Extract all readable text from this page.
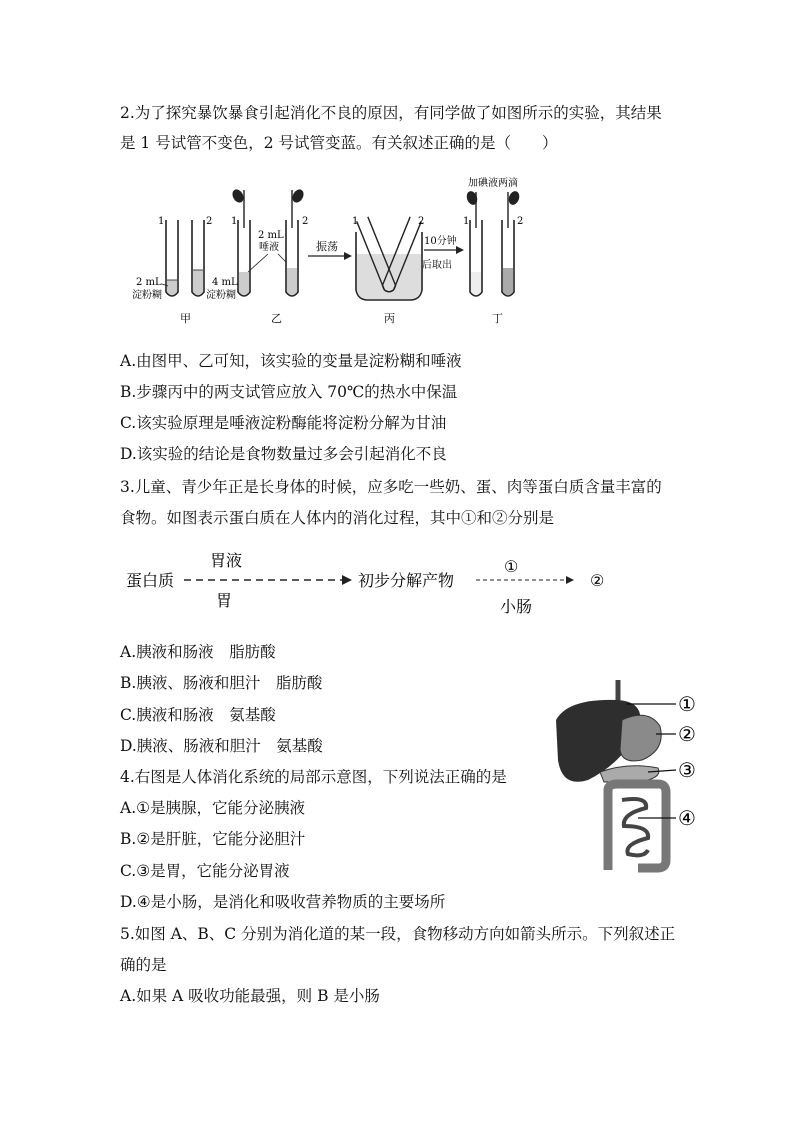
2.为了探究暴饮暴食引起消化不良的原因，有同学做了如图所示的实验，其结果
是 1 号试管不变色，2 号试管变蓝。有关叙述正确的是（　　）
1	2
2 mL
淀粉糊
4 mL
淀粉糊
甲
1	2
2 mL
唾液
乙
振荡
1	2
丙
10分钟
后取出
加碘液两滴
1	2
丁
A.由图甲、乙可知，该实验的变量是淀粉糊和唾液
B.步骤丙中的两支试管应放入 70℃的热水中保温
C.该实验原理是唾液淀粉酶能将淀粉分解为甘油
D.该实验的结论是食物数量过多会引起消化不良
3.儿童、青少年正是长身体的时候，应多吃一些奶、蛋、肉等蛋白质含量丰富的
食物。如图表示蛋白质在人体内的消化过程，其中①和②分别是
蛋白质
胃液
胃
初步分解产物
①
小肠
②
A.胰液和肠液　脂肪酸
B.胰液、肠液和胆汁　脂肪酸
C.胰液和肠液　氨基酸
D.胰液、肠液和胆汁　氨基酸
4.右图是人体消化系统的局部示意图，下列说法正确的是
①
②
③
④
A.①是胰腺，它能分泌胰液
B.②是肝脏，它能分泌胆汁
C.③是胃，它能分泌胃液
D.④是小肠，是消化和吸收营养物质的主要场所
5.如图 A、B、C 分别为消化道的某一段，食物移动方向如箭头所示。下列叙述正
确的是
A.如果 A 吸收功能最强，则 B 是小肠
